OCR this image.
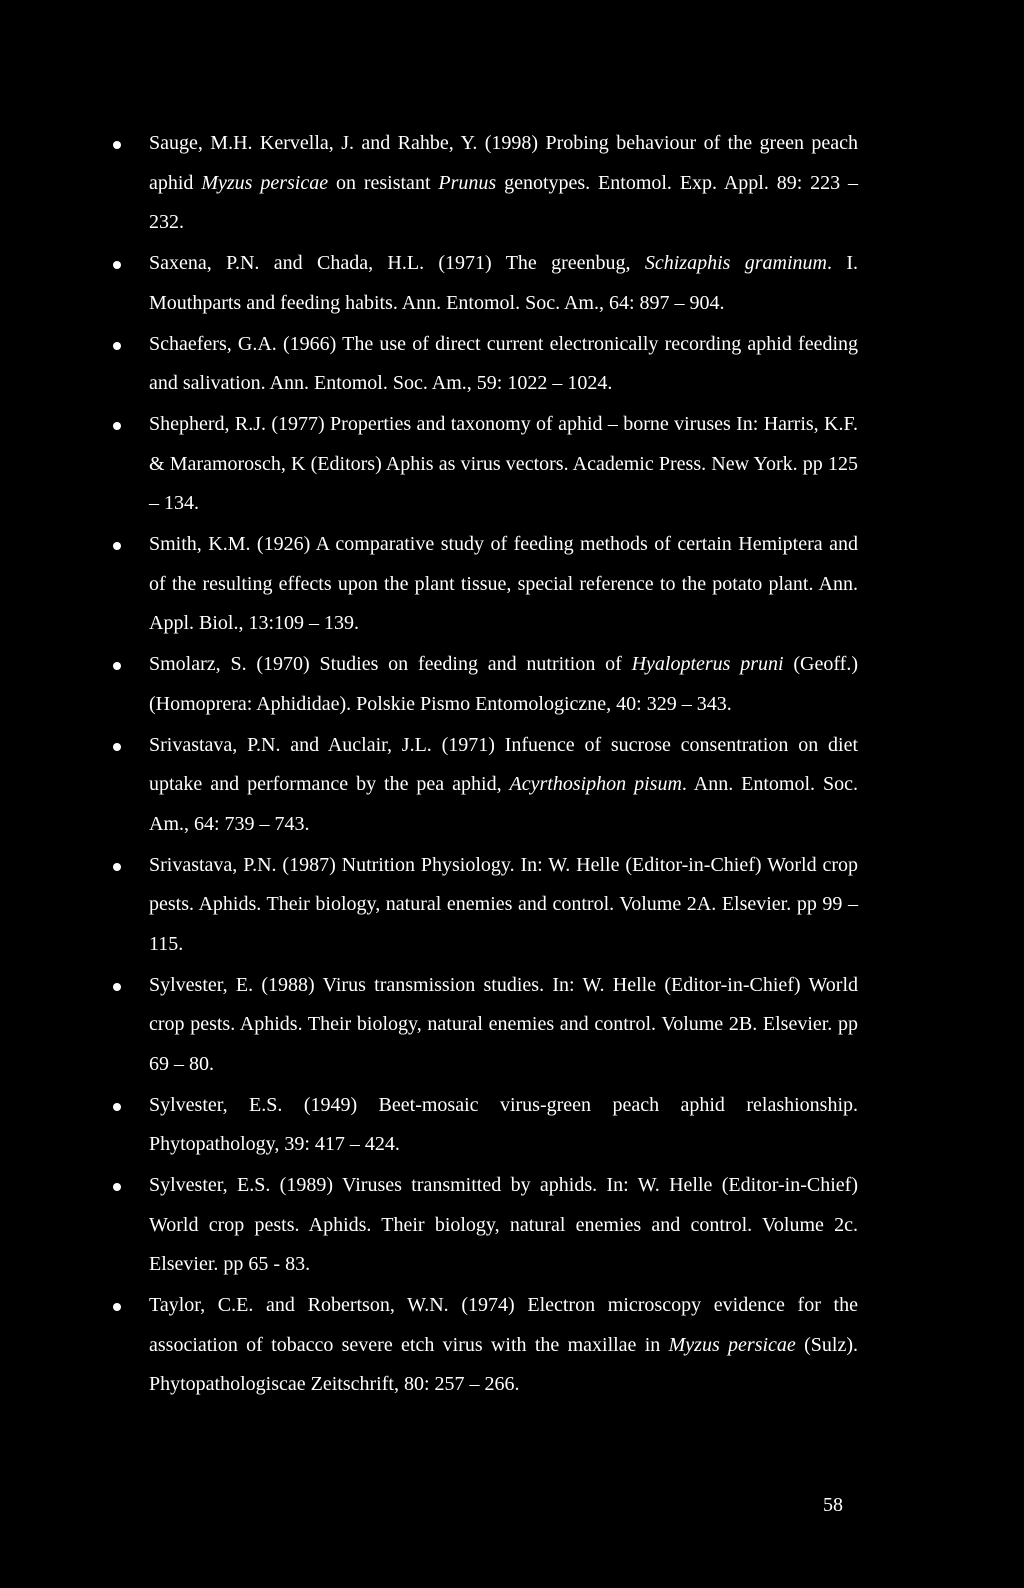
Sauge, M.H. Kervella, J. and Rahbe, Y. (1998) Probing behaviour of the green peach aphid Myzus persicae on resistant Prunus genotypes. Entomol. Exp. Appl. 89: 223 – 232.
Saxena, P.N. and Chada, H.L. (1971) The greenbug, Schizaphis graminum. I. Mouthparts and feeding habits. Ann. Entomol. Soc. Am., 64: 897 – 904.
Schaefers, G.A. (1966) The use of direct current electronically recording aphid feeding and salivation. Ann. Entomol. Soc. Am., 59: 1022 – 1024.
Shepherd, R.J. (1977) Properties and taxonomy of aphid – borne viruses In: Harris, K.F. & Maramorosch, K (Editors) Aphis as virus vectors. Academic Press. New York. pp 125 – 134.
Smith, K.M. (1926) A comparative study of feeding methods of certain Hemiptera and of the resulting effects upon the plant tissue, special reference to the potato plant. Ann. Appl. Biol., 13:109 – 139.
Smolarz, S. (1970) Studies on feeding and nutrition of Hyalopterus pruni (Geoff.) (Homoprera: Aphididae). Polskie Pismo Entomologiczne, 40: 329 – 343.
Srivastava, P.N. and Auclair, J.L. (1971) Infuence of sucrose consentration on diet uptake and performance by the pea aphid, Acyrthosiphon pisum. Ann. Entomol. Soc. Am., 64: 739 – 743.
Srivastava, P.N. (1987) Nutrition Physiology. In: W. Helle (Editor-in-Chief) World crop pests. Aphids. Their biology, natural enemies and control. Volume 2A. Elsevier. pp 99 – 115.
Sylvester, E. (1988) Virus transmission studies. In: W. Helle (Editor-in-Chief) World crop pests. Aphids. Their biology, natural enemies and control. Volume 2B. Elsevier. pp 69 – 80.
Sylvester, E.S. (1949) Beet-mosaic virus-green peach aphid relashionship. Phytopathology, 39: 417 – 424.
Sylvester, E.S. (1989) Viruses transmitted by aphids. In: W. Helle (Editor-in-Chief) World crop pests. Aphids. Their biology, natural enemies and control. Volume 2c. Elsevier. pp 65 - 83.
Taylor, C.E. and Robertson, W.N. (1974) Electron microscopy evidence for the association of tobacco severe etch virus with the maxillae in Myzus persicae (Sulz). Phytopathologiscae Zeitschrift, 80: 257 – 266.
58
